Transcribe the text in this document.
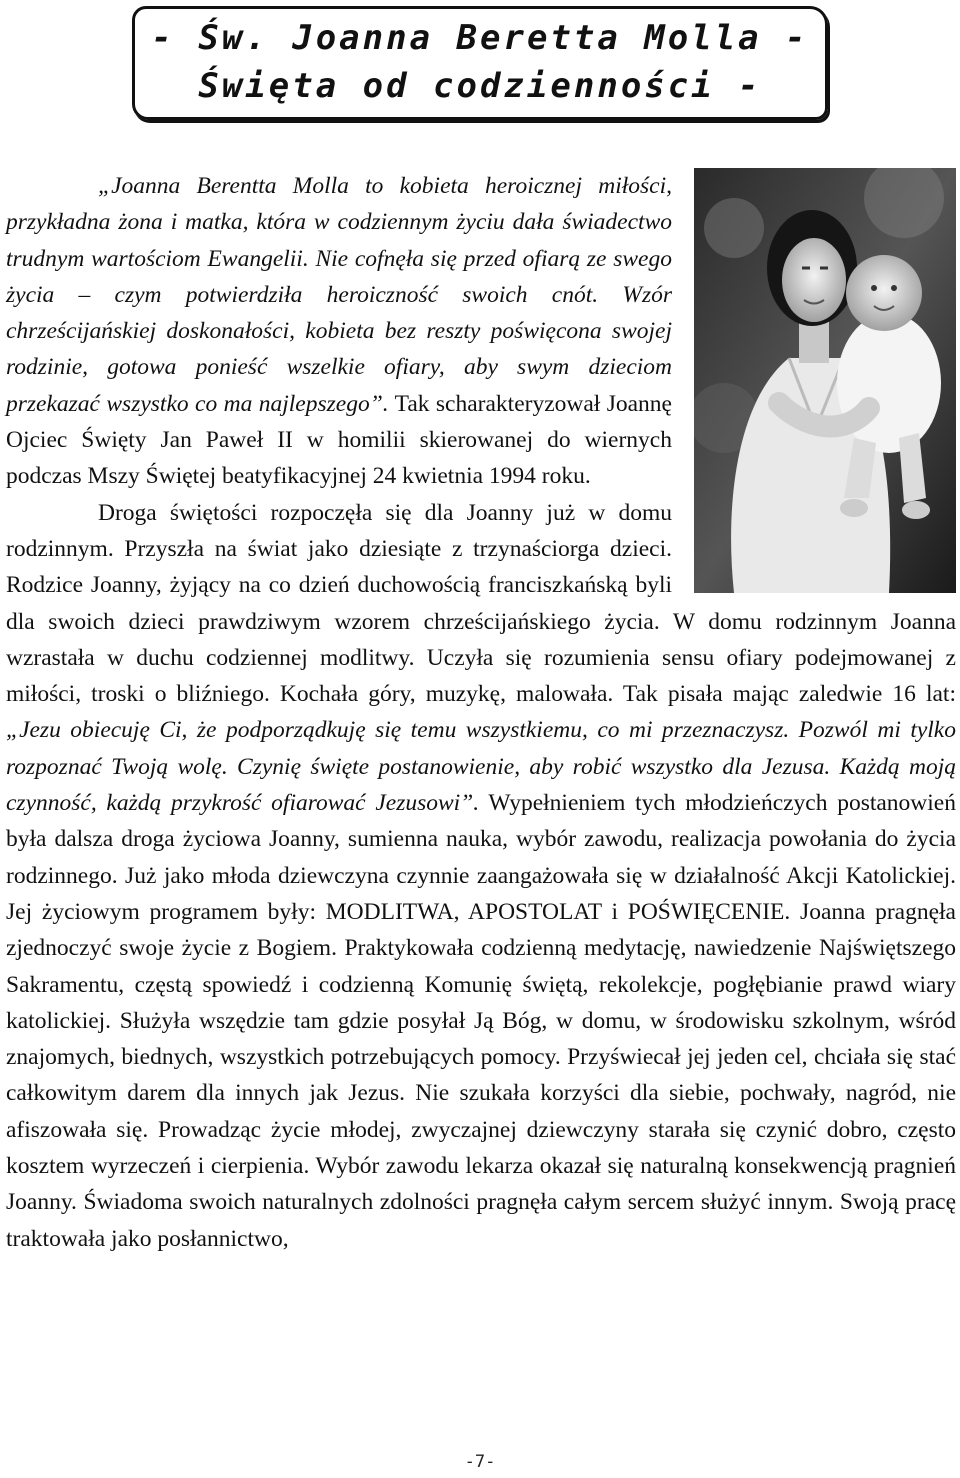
- Św. Joanna Beretta Molla -
Święta od codzienności -

„Joanna Berentta Molla to kobieta heroicznej miłości, przykładna żona i matka, która w codziennym życiu dała świadectwo trudnym wartościom Ewangelii. Nie cofnęła się przed ofiarą ze swego życia – czym potwierdziła heroiczność swoich cnót. Wzór chrześcijańskiej doskonałości, kobieta bez reszty poświęcona swojej rodzinie, gotowa ponieść wszelkie ofiary, aby swym dzieciom przekazać wszystko co ma najlepszego”. Tak scharakteryzował Joannę Ojciec Święty Jan Paweł II w homilii skierowanej do wiernych podczas Mszy Świętej beatyfikacyjnej 24 kwietnia 1994 roku.

Droga świętości rozpoczęła się dla Joanny już w domu rodzinnym. Przyszła na świat jako dziesiąte z trzynaściorga dzieci. Rodzice Joanny, żyjący na co dzień duchowością franciszkańską byli dla swoich dzieci prawdziwym wzorem chrześcijańskiego życia. W domu rodzinnym Joanna wzrastała w duchu codziennej modlitwy. Uczyła się rozumienia sensu ofiary podejmowanej z miłości, troski o bliźniego. Kochała góry, muzykę, malowała. Tak pisała mając zaledwie 16 lat: „Jezu obiecuję Ci, że podporządkuję się temu wszystkiemu, co mi przeznaczysz. Pozwól mi tylko rozpoznać Twoją wolę. Czynię święte postanowienie, aby robić wszystko dla Jezusa. Każdą moją czynność, każdą przykrość ofiarować Jezusowi”. Wypełnieniem tych młodzieńczych postanowień była dalsza droga życiowa Joanny, sumienna nauka, wybór zawodu, realizacja powołania do życia rodzinnego. Już jako młoda dziewczyna czynnie zaangażowała się w działalność Akcji Katolickiej. Jej życiowym programem były: MODLITWA, APOSTOLAT i POŚWIĘCENIE. Joanna pragnęła zjednoczyć swoje życie z Bogiem. Praktykowała codzienną medytację, nawiedzenie Najświętszego Sakramentu, częstą spowiedź i codzienną Komunię świętą, rekolekcje, pogłębianie prawd wiary katolickiej. Służyła wszędzie tam gdzie posyłał Ją Bóg, w domu, w środowisku szkolnym, wśród znajomych, biednych, wszystkich potrzebujących pomocy. Przyświecał jej jeden cel, chciała się stać całkowitym darem dla innych jak Jezus. Nie szukała korzyści dla siebie, pochwały, nagród, nie afiszowała się. Prowadząc życie młodej, zwyczajnej dziewczyny starała się czynić dobro, często kosztem wyrzeczeń i cierpienia. Wybór zawodu lekarza okazał się naturalną konsekwencją pragnień Joanny. Świadoma swoich naturalnych zdolności pragnęła całym sercem służyć innym. Swoją pracę traktowała jako posłannictwo,

-7-
